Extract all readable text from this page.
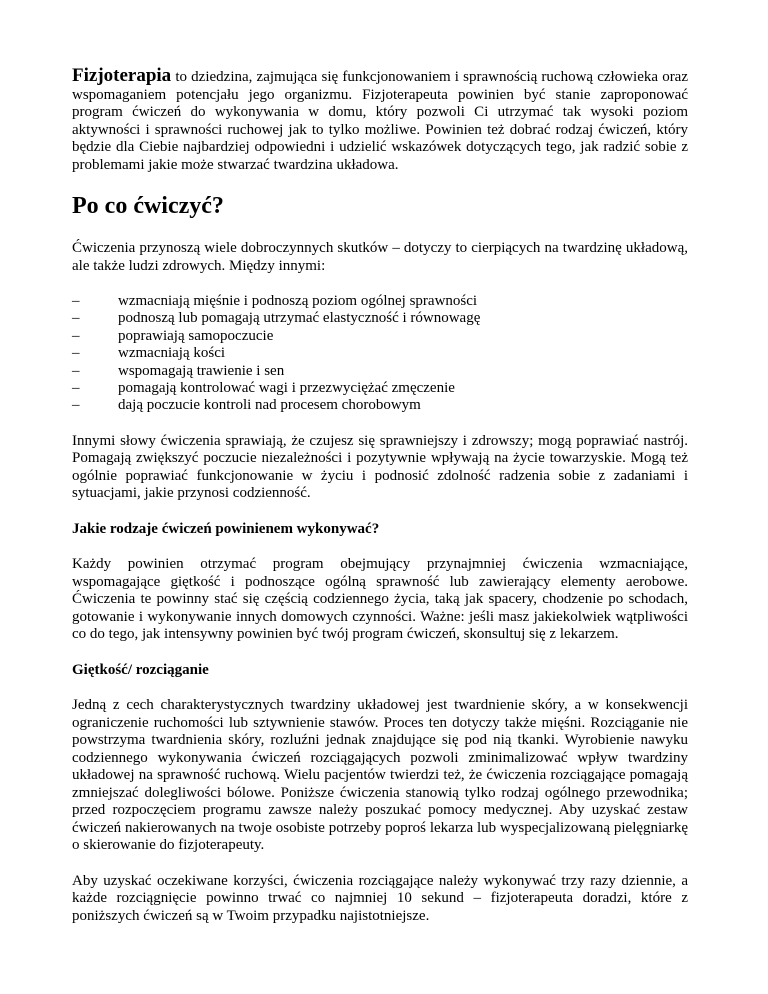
Fizjoterapia to dziedzina, zajmująca się funkcjonowaniem i sprawnością ruchową człowieka oraz wspomaganiem potencjału jego organizmu. Fizjoterapeuta powinien być stanie zaproponować program ćwiczeń do wykonywania w domu, który pozwoli Ci utrzymać tak wysoki poziom aktywności i sprawności ruchowej jak to tylko możliwe. Powinien też dobrać rodzaj ćwiczeń, który będzie dla Ciebie najbardziej odpowiedni i udzielić wskazówek dotyczących tego, jak radzić sobie z problemami jakie może stwarzać twardzina układowa.

Po co ćwiczyć?

Ćwiczenia przynoszą wiele dobroczynnych skutków – dotyczy to cierpiących na twardzinę układową, ale także ludzi zdrowych. Między innymi:

–	wzmacniają mięśnie i podnoszą poziom ogólnej sprawności
–	podnoszą lub pomagają utrzymać elastyczność i równowagę
–	poprawiają samopoczucie
–	wzmacniają kości
–	wspomagają trawienie i sen
–	pomagają kontrolować wagi i przezwyciężać zmęczenie
–	dają poczucie kontroli nad procesem chorobowym

Innymi słowy ćwiczenia sprawiają, że czujesz się sprawniejszy i zdrowszy; mogą poprawiać nastrój. Pomagają zwiększyć poczucie niezależności i pozytywnie wpływają na życie towarzyskie. Mogą też ogólnie poprawiać funkcjonowanie w życiu i podnosić zdolność radzenia sobie z zadaniami i sytuacjami, jakie przynosi codzienność.

Jakie rodzaje ćwiczeń powinienem wykonywać?

Każdy powinien otrzymać program obejmujący przynajmniej ćwiczenia wzmacniające, wspomagające giętkość i podnoszące ogólną sprawność lub zawierający elementy aerobowe. Ćwiczenia te powinny stać się częścią codziennego życia, taką jak spacery, chodzenie po schodach, gotowanie i wykonywanie innych domowych czynności. Ważne: jeśli masz jakiekolwiek wątpliwości co do tego, jak intensywny powinien być twój program ćwiczeń, skonsultuj się z lekarzem.

Giętkość/ rozciąganie

Jedną z cech charakterystycznych twardziny układowej jest twardnienie skóry, a w konsekwencji ograniczenie ruchomości lub sztywnienie stawów. Proces ten dotyczy także mięśni. Rozciąganie nie powstrzyma twardnienia skóry, rozluźni jednak znajdujące się pod nią tkanki. Wyrobienie nawyku codziennego wykonywania ćwiczeń rozciągających pozwoli zminimalizować wpływ twardziny układowej na sprawność ruchową. Wielu pacjentów twierdzi też, że ćwiczenia rozciągające pomagają zmniejszać dolegliwości bólowe. Poniższe ćwiczenia stanowią tylko rodzaj ogólnego przewodnika; przed rozpoczęciem programu zawsze należy poszukać pomocy medycznej. Aby uzyskać zestaw ćwiczeń nakierowanych na twoje osobiste potrzeby poproś lekarza lub wyspecjalizowaną pielęgniarkę o skierowanie do fizjoterapeuty.

Aby uzyskać oczekiwane korzyści, ćwiczenia rozciągające należy wykonywać trzy razy dziennie, a każde rozciągnięcie powinno trwać co najmniej 10 sekund – fizjoterapeuta doradzi, które z poniższych ćwiczeń są w Twoim przypadku najistotniejsze.
